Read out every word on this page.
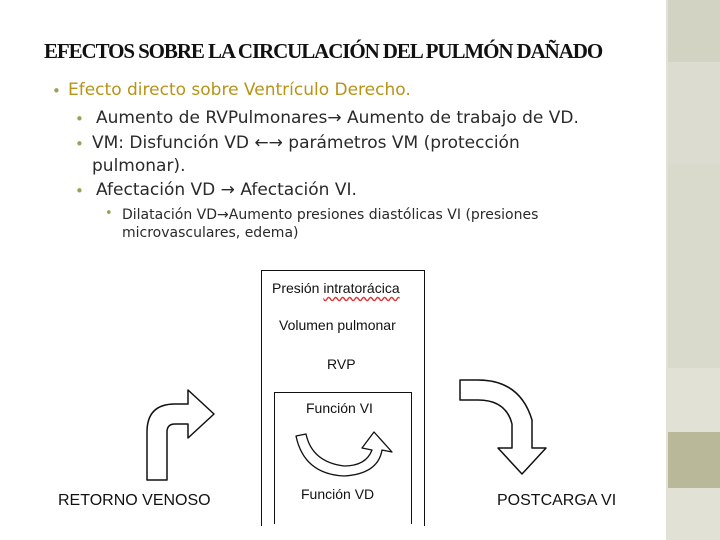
EFECTOS SOBRE LA CIRCULACIÓN DEL PULMÓN DAÑADO
• Efecto directo sobre Ventrículo Derecho.
• Aumento de RVPulmonares→ Aumento de trabajo de VD.
• VM: Disfunción VD ←→ parámetros VM (protección
pulmonar).
• Afectación VD → Afectación VI.
• Dilatación VD→Aumento presiones diastólicas VI (presiones
microvasculares, edema)
Presión intratorácica
Volumen pulmonar
RVP
Función VI
Función VD
RETORNO VENOSO	POSTCARGA VI
